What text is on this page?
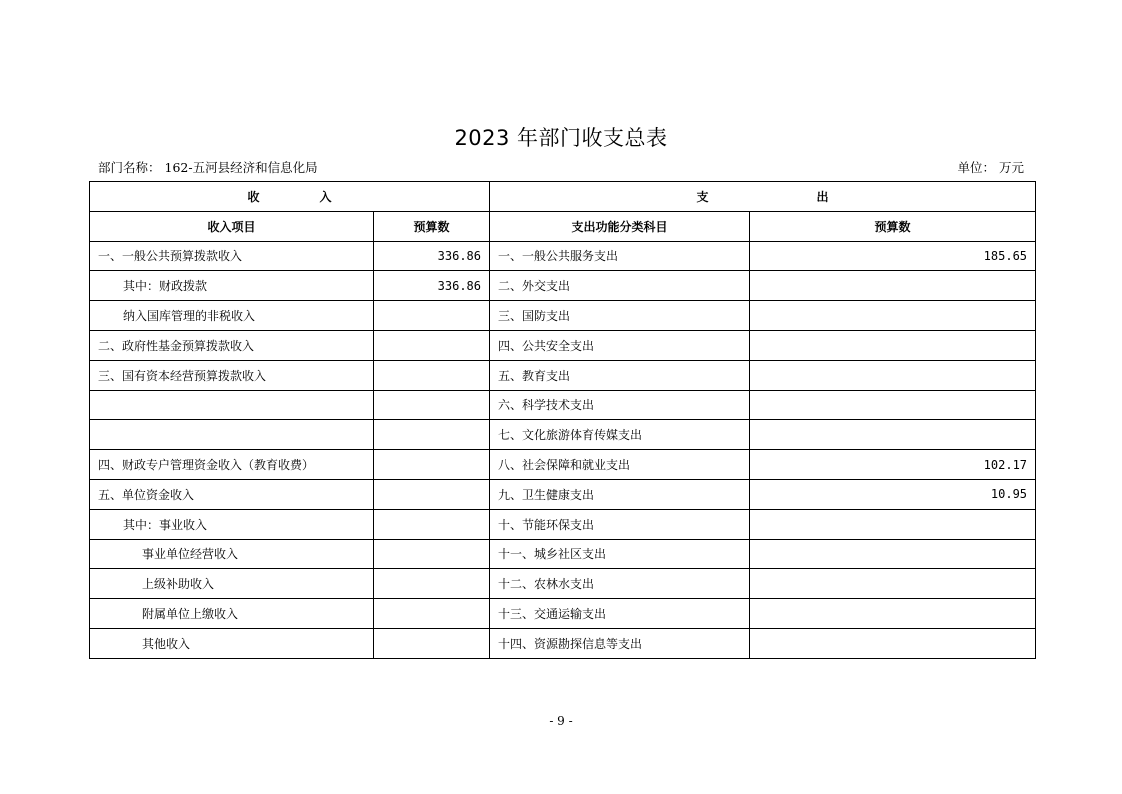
2023 年部门收支总表
部门名称： 162-五河县经济和信息化局	单位： 万元
收　　　　　入		支　　　　　　　　　出	
收入项目	预算数	支出功能分类科目	预算数
一、一般公共预算拨款收入	336.86	一、一般公共服务支出	185.65
其中：财政拨款	336.86	二、外交支出	
纳入国库管理的非税收入		三、国防支出	
二、政府性基金预算拨款收入		四、公共安全支出	
三、国有资本经营预算拨款收入		五、教育支出	
		六、科学技术支出	
		七、文化旅游体育传媒支出	
四、财政专户管理资金收入（教育收费）		八、社会保障和就业支出	102.17
五、单位资金收入		九、卫生健康支出	10.95
其中：事业收入		十、节能环保支出	
事业单位经营收入		十一、城乡社区支出	
上级补助收入		十二、农林水支出	
附属单位上缴收入		十三、交通运输支出	
其他收入		十四、资源勘探信息等支出	
- 9 -
